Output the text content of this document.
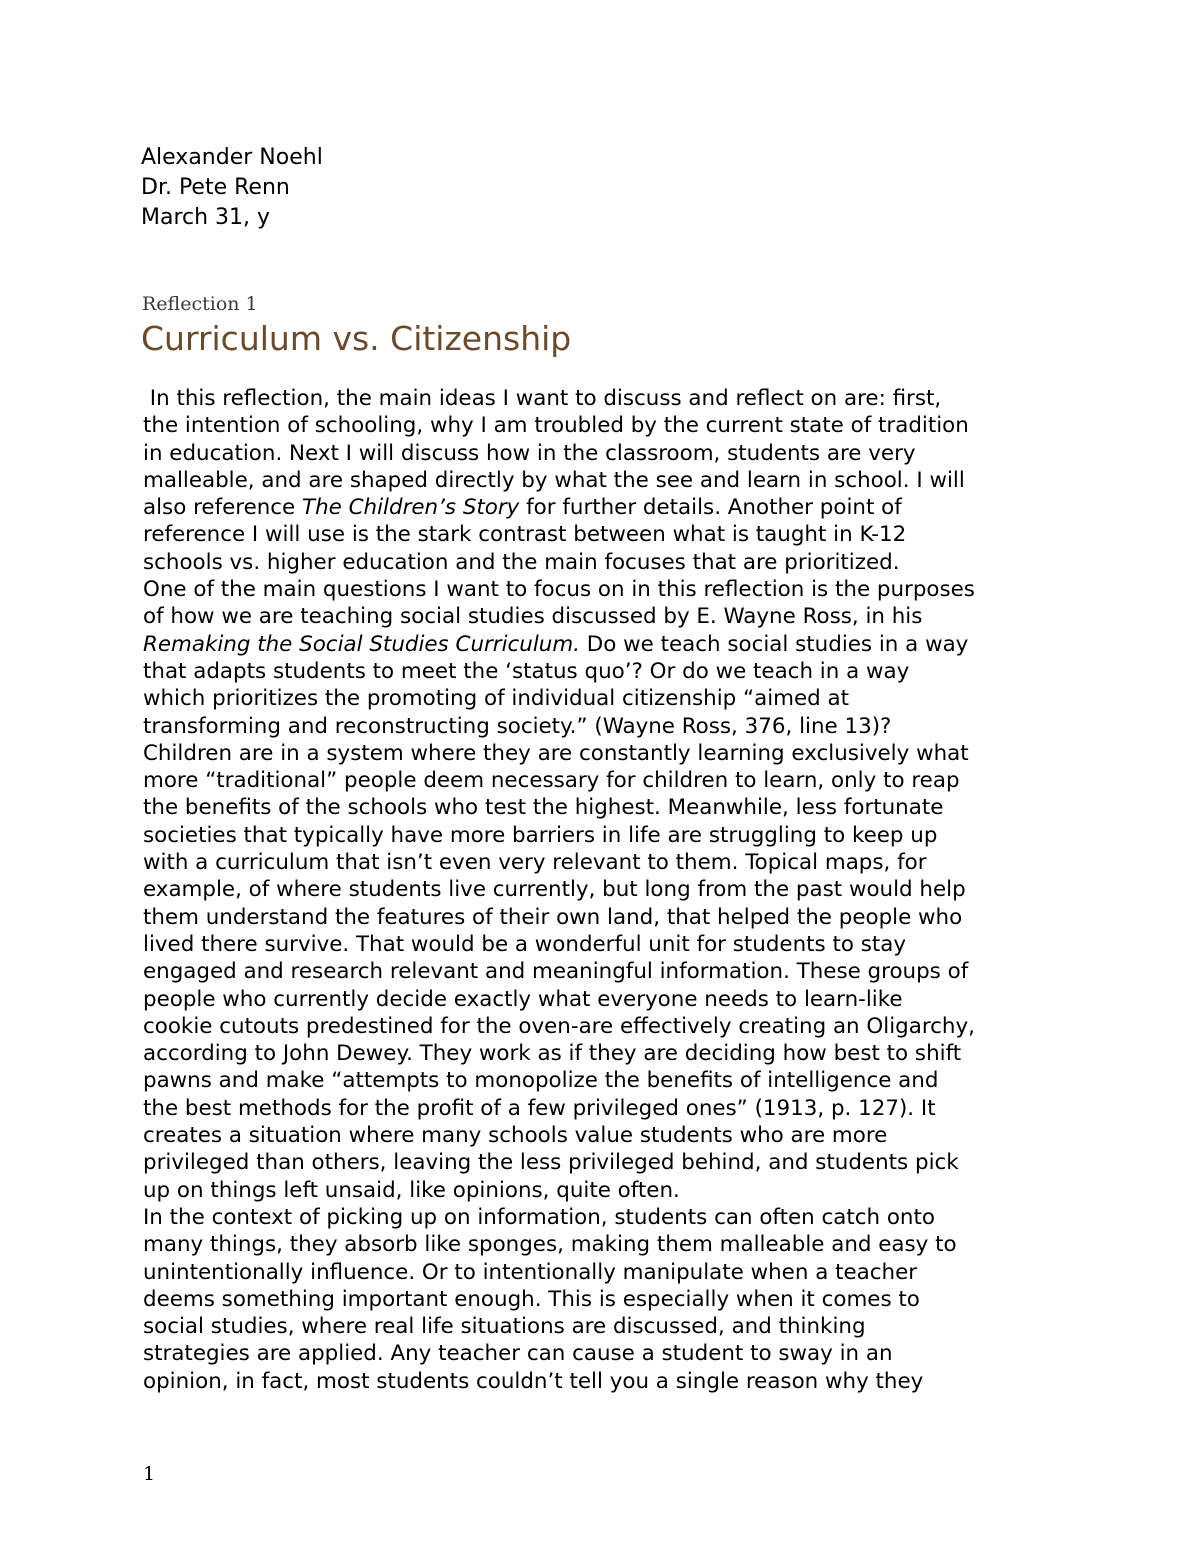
Alexander Noehl
Dr. Pete Renn
March 31, y
Reflection 1
Curriculum vs. Citizenship
In this reflection, the main ideas I want to discuss and reflect on are: first,
the intention of schooling, why I am troubled by the current state of tradition
in education. Next I will discuss how in the classroom, students are very
malleable, and are shaped directly by what the see and learn in school. I will
also reference The Children’s Story for further details. Another point of
reference I will use is the stark contrast between what is taught in K-12
schools vs. higher education and the main focuses that are prioritized.
One of the main questions I want to focus on in this reflection is the purposes
of how we are teaching social studies discussed by E. Wayne Ross, in his
Remaking the Social Studies Curriculum. Do we teach social studies in a way
that adapts students to meet the ‘status quo’? Or do we teach in a way
which prioritizes the promoting of individual citizenship “aimed at
transforming and reconstructing society.” (Wayne Ross, 376, line 13)?
Children are in a system where they are constantly learning exclusively what
more “traditional” people deem necessary for children to learn, only to reap
the benefits of the schools who test the highest. Meanwhile, less fortunate
societies that typically have more barriers in life are struggling to keep up
with a curriculum that isn’t even very relevant to them. Topical maps, for
example, of where students live currently, but long from the past would help
them understand the features of their own land, that helped the people who
lived there survive. That would be a wonderful unit for students to stay
engaged and research relevant and meaningful information. These groups of
people who currently decide exactly what everyone needs to learn-like
cookie cutouts predestined for the oven-are effectively creating an Oligarchy,
according to John Dewey. They work as if they are deciding how best to shift
pawns and make “attempts to monopolize the benefits of intelligence and
the best methods for the profit of a few privileged ones” (1913, p. 127). It
creates a situation where many schools value students who are more
privileged than others, leaving the less privileged behind, and students pick
up on things left unsaid, like opinions, quite often.
In the context of picking up on information, students can often catch onto
many things, they absorb like sponges, making them malleable and easy to
unintentionally influence. Or to intentionally manipulate when a teacher
deems something important enough. This is especially when it comes to
social studies, where real life situations are discussed, and thinking
strategies are applied. Any teacher can cause a student to sway in an
opinion, in fact, most students couldn’t tell you a single reason why they
1
